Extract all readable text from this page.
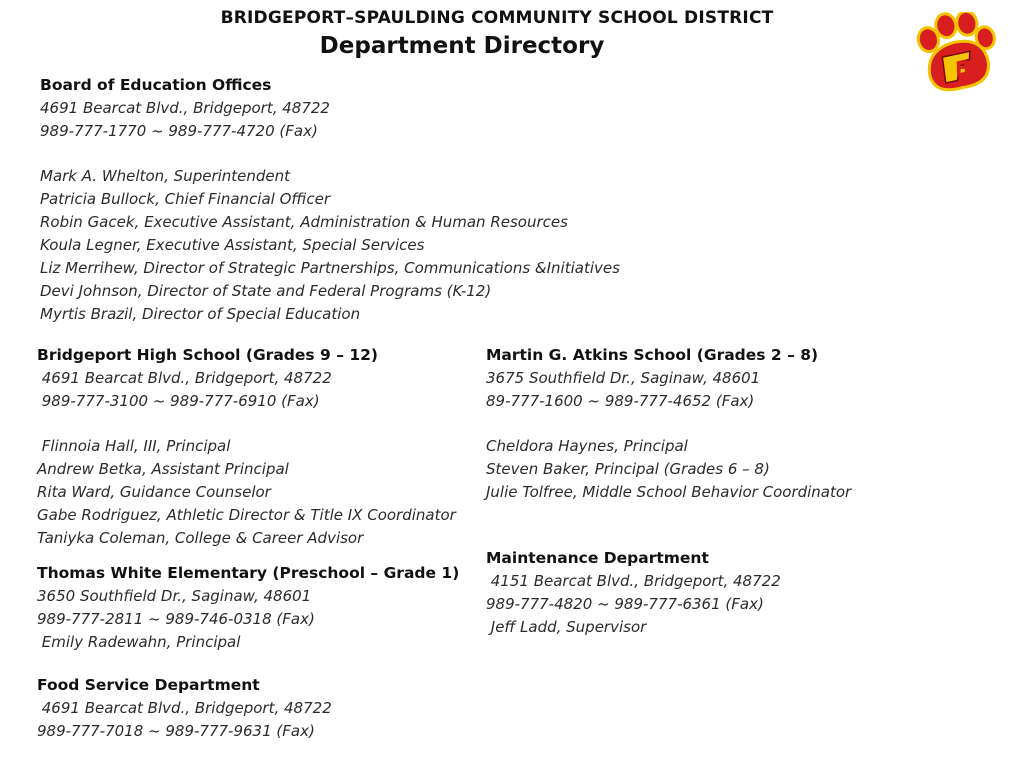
BRIDGEPORT–SPAULDING COMMUNITY SCHOOL DISTRICT
Department Directory
B
Board of Education Offices
4691 Bearcat Blvd., Bridgeport, 48722
989-777-1770 ~ 989-777-4720 (Fax)
Mark A. Whelton, Superintendent
Patricia Bullock, Chief Financial Officer
Robin Gacek, Executive Assistant, Administration & Human Resources
Koula Legner, Executive Assistant, Special Services
Liz Merrihew, Director of Strategic Partnerships, Communications &Initiatives
Devi Johnson, Director of State and Federal Programs (K-12)
Myrtis Brazil, Director of Special Education
Bridgeport High School (Grades 9 – 12)
4691 Bearcat Blvd., Bridgeport, 48722
989-777-3100 ~ 989-777-6910 (Fax)
Flinnoia Hall, III, Principal
Andrew Betka, Assistant Principal
Rita Ward, Guidance Counselor
Gabe Rodriguez, Athletic Director & Title IX Coordinator
Taniyka Coleman, College & Career Advisor
Thomas White Elementary (Preschool – Grade 1)
3650 Southfield Dr., Saginaw, 48601
989-777-2811 ~ 989-746-0318 (Fax)
Emily Radewahn, Principal
Food Service Department
4691 Bearcat Blvd., Bridgeport, 48722
989-777-7018 ~ 989-777-9631 (Fax)
Martin G. Atkins School (Grades 2 – 8)
3675 Southfield Dr., Saginaw, 48601
89-777-1600 ~ 989-777-4652 (Fax)
Cheldora Haynes, Principal
Steven Baker, Principal (Grades 6 – 8)
Julie Tolfree, Middle School Behavior Coordinator
Maintenance Department
4151 Bearcat Blvd., Bridgeport, 48722
989-777-4820 ~ 989-777-6361 (Fax)
Jeff Ladd, Supervisor
